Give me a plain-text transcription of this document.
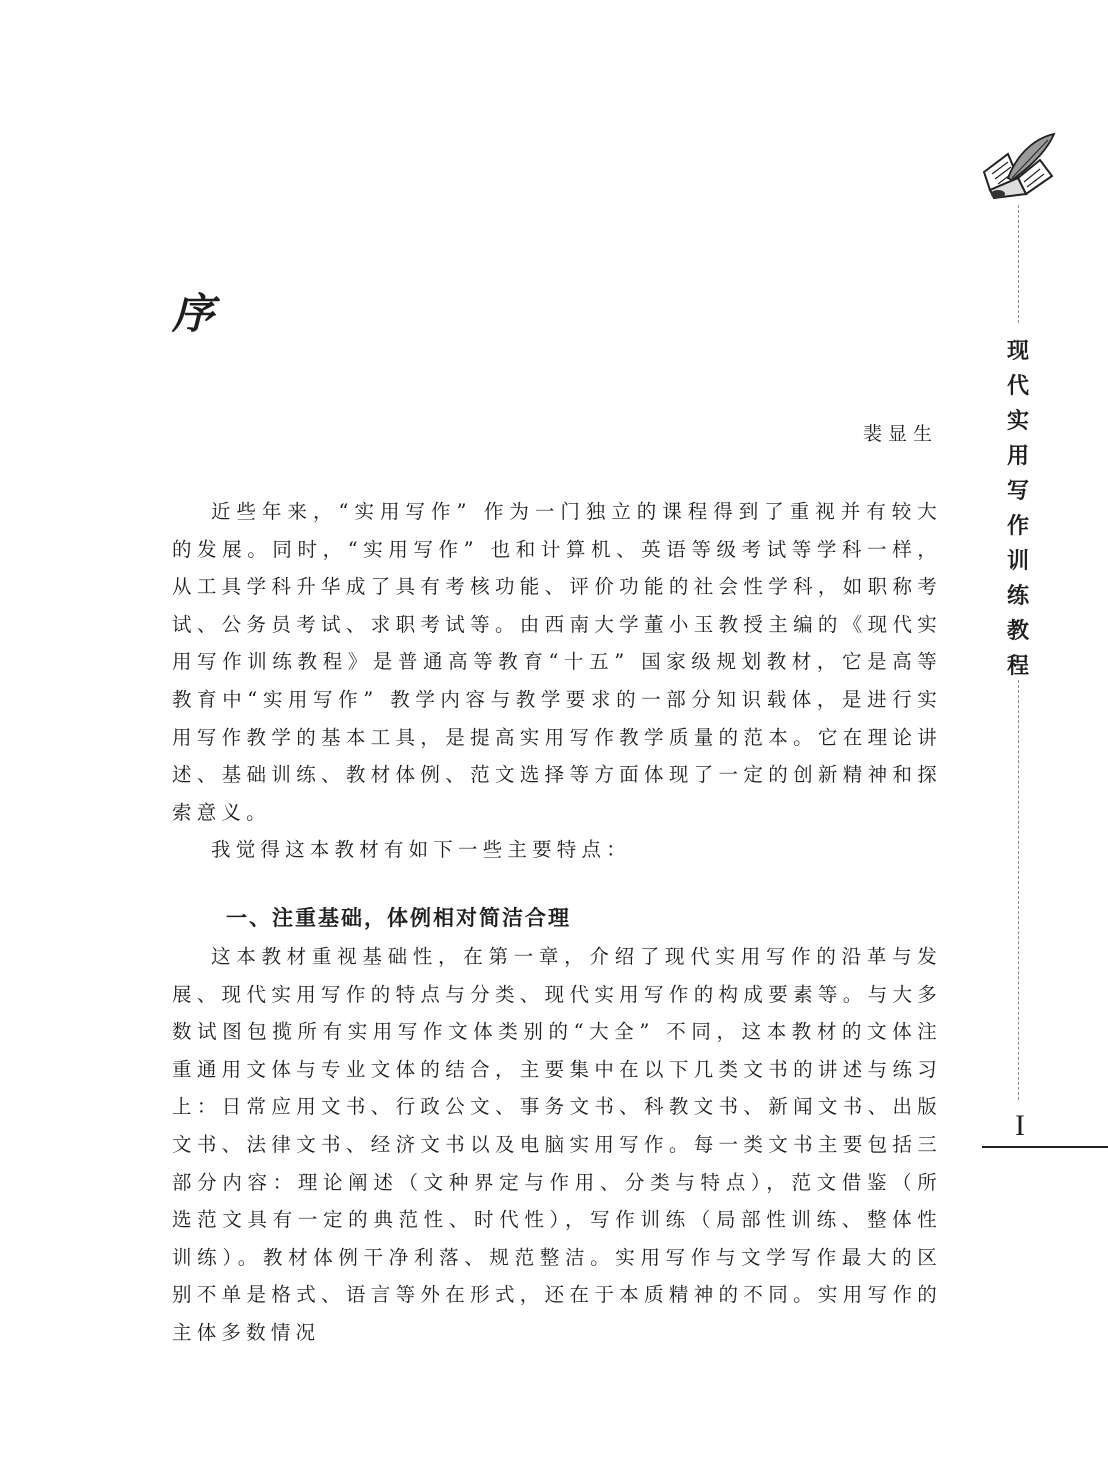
现代实用写作训练教程
序
裴显生

近些年来，“实用写作” 作为一门独立的课程得到了重视并有较大的发展。同时，“实用写作” 也和计算机、英语等级考试等学科一样，从工具学科升华成了具有考核功能、评价功能的社会性学科，如职称考试、公务员考试、求职考试等。由西南大学董小玉教授主编的《现代实用写作训练教程》是普通高等教育“十五” 国家级规划教材，它是高等教育中“实用写作” 教学内容与教学要求的一部分知识载体，是进行实用写作教学的基本工具，是提高实用写作教学质量的范本。它在理论讲述、基础训练、教材体例、范文选择等方面体现了一定的创新精神和探索意义。

我觉得这本教材有如下一些主要特点：

一、注重基础，体例相对简洁合理

这本教材重视基础性，在第一章，介绍了现代实用写作的沿革与发展、现代实用写作的特点与分类、现代实用写作的构成要素等。与大多数试图包揽所有实用写作文体类别的“大全” 不同，这本教材的文体注重通用文体与专业文体的结合，主要集中在以下几类文书的讲述与练习上：日常应用文书、行政公文、事务文书、科教文书、新闻文书、出版文书、法律文书、经济文书以及电脑实用写作。每一类文书主要包括三部分内容：理论阐述（文种界定与作用、分类与特点），范文借鉴（所选范文具有一定的典范性、时代性），写作训练（局部性训练、整体性训练）。教材体例干净利落、规范整洁。实用写作与文学写作最大的区别不单是格式、语言等外在形式，还在于本质精神的不同。实用写作的主体多数情况

I
